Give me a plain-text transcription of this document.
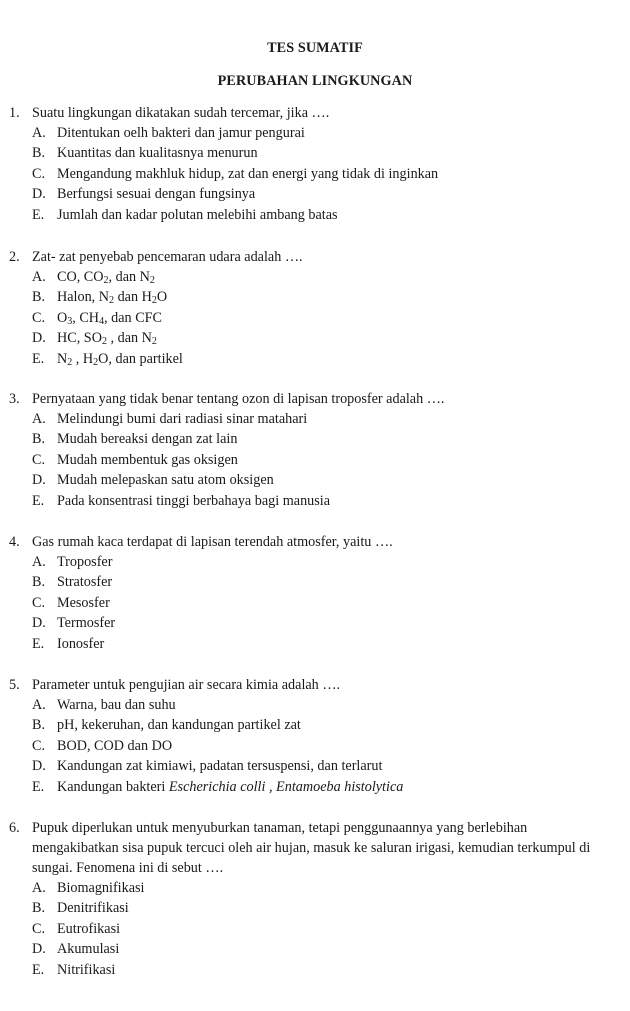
TES SUMATIF
PERUBAHAN LINGKUNGAN
1. Suatu lingkungan dikatakan sudah tercemar, jika ….
A. Ditentukan oelh bakteri dan jamur pengurai
B. Kuantitas dan kualitasnya menurun
C. Mengandung makhluk hidup, zat dan energi yang tidak di inginkan
D. Berfungsi sesuai dengan fungsinya
E. Jumlah dan kadar polutan melebihi ambang batas
2. Zat- zat penyebab pencemaran udara adalah ….
A. CO, CO2, dan N2
B. Halon, N2 dan H2O
C. O3, CH4, dan CFC
D. HC, SO2 , dan N2
E. N2 , H2O, dan partikel
3. Pernyataan yang tidak benar tentang ozon di lapisan troposfer adalah ….
A. Melindungi bumi dari radiasi sinar matahari
B. Mudah bereaksi dengan zat lain
C. Mudah membentuk gas oksigen
D. Mudah melepaskan satu atom oksigen
E. Pada konsentrasi tinggi berbahaya bagi manusia
4. Gas rumah kaca terdapat di lapisan terendah atmosfer, yaitu ….
A. Troposfer
B. Stratosfer
C. Mesosfer
D. Termosfer
E. Ionosfer
5. Parameter untuk pengujian air secara kimia adalah ….
A. Warna, bau dan suhu
B. pH, kekeruhan, dan kandungan partikel zat
C. BOD, COD dan DO
D. Kandungan zat kimiawi, padatan tersuspensi, dan terlarut
E. Kandungan bakteri Escherichia colli , Entamoeba histolytica
6. Pupuk diperlukan untuk menyuburkan tanaman, tetapi penggunaannya yang berlebihan mengakibatkan sisa pupuk tercuci oleh air hujan, masuk ke saluran irigasi, kemudian terkumpul di sungai. Fenomena ini di sebut ….
A. Biomagnifikasi
B. Denitrifikasi
C. Eutrofikasi
D. Akumulasi
E. Nitrifikasi
